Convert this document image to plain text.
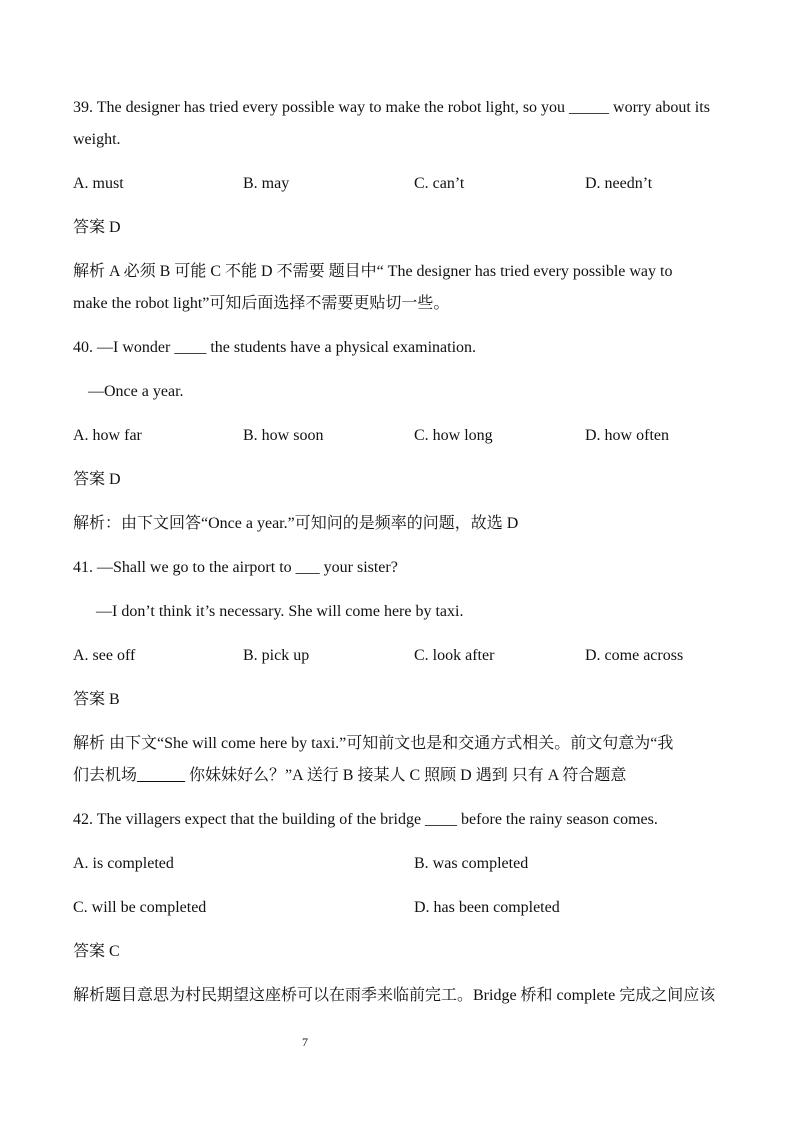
39. The designer has tried every possible way to make the robot light, so you _____ worry about its
weight.
A. must	B. may	C. can’t	D. needn’t
答案 D
解析 A 必须 B 可能 C 不能 D 不需要 题目中“ The designer has tried every possible way to
make the robot light”可知后面选择不需要更贴切一些。
40. —I wonder ____ the students have a physical examination.
—Once a year.
A. how far	B. how soon	C. how long	D. how often
答案 D
解析：由下文回答“Once a year.”可知问的是频率的问题，故选 D
41. —Shall we go to the airport to ___ your sister?
—I don’t think it’s necessary. She will come here by taxi.
A. see off	B. pick up	C. look after	D. come across
答案 B
解析 由下文“She will come here by taxi.”可知前文也是和交通方式相关。前文句意为“我
们去机场______ 你妹妹好么？”A 送行 B 接某人 C 照顾 D 遇到 只有 A 符合题意
42. The villagers expect that the building of the bridge ____ before the rainy season comes.
A. is completed	B. was completed
C. will be completed	D. has been completed
答案 C
解析题目意思为村民期望这座桥可以在雨季来临前完工。Bridge 桥和 complete 完成之间应该
7
